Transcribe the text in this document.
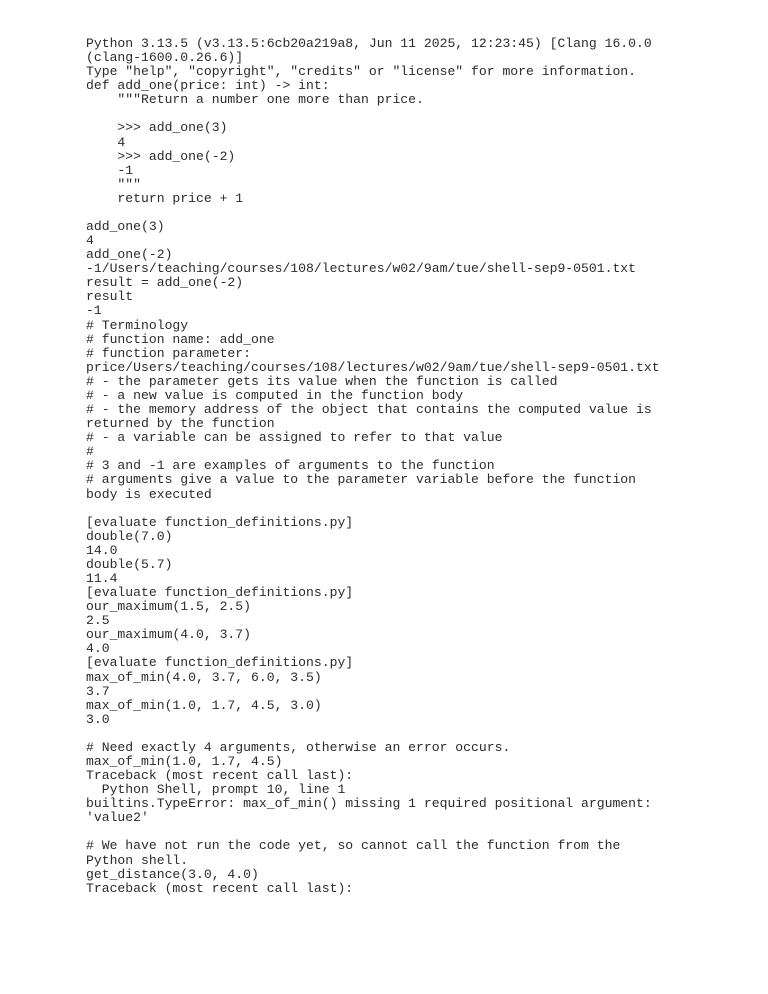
Python 3.13.5 (v3.13.5:6cb20a219a8, Jun 11 2025, 12:23:45) [Clang 16.0.0
(clang-1600.0.26.6)]
Type "help", "copyright", "credits" or "license" for more information.
def add_one(price: int) -> int:
"""Return a number one more than price.
>>> add_one(3)
4
>>> add_one(-2)
-1
"""
return price + 1
add_one(3)
4
add_one(-2)
-1/Users/teaching/courses/108/lectures/w02/9am/tue/shell-sep9-0501.txt
result = add_one(-2)
result
-1
# Terminology
# function name: add_one
# function parameter:
price/Users/teaching/courses/108/lectures/w02/9am/tue/shell-sep9-0501.txt
# - the parameter gets its value when the function is called
# - a new value is computed in the function body
# - the memory address of the object that contains the computed value is
returned by the function
# - a variable can be assigned to refer to that value
#
# 3 and -1 are examples of arguments to the function
# arguments give a value to the parameter variable before the function
body is executed
[evaluate function_definitions.py]
double(7.0)
14.0
double(5.7)
11.4
[evaluate function_definitions.py]
our_maximum(1.5, 2.5)
2.5
our_maximum(4.0, 3.7)
4.0
[evaluate function_definitions.py]
max_of_min(4.0, 3.7, 6.0, 3.5)
3.7
max_of_min(1.0, 1.7, 4.5, 3.0)
3.0
# Need exactly 4 arguments, otherwise an error occurs.
max_of_min(1.0, 1.7, 4.5)
Traceback (most recent call last):
Python Shell, prompt 10, line 1
builtins.TypeError: max_of_min() missing 1 required positional argument:
'value2'
# We have not run the code yet, so cannot call the function from the
Python shell.
get_distance(3.0, 4.0)
Traceback (most recent call last):
